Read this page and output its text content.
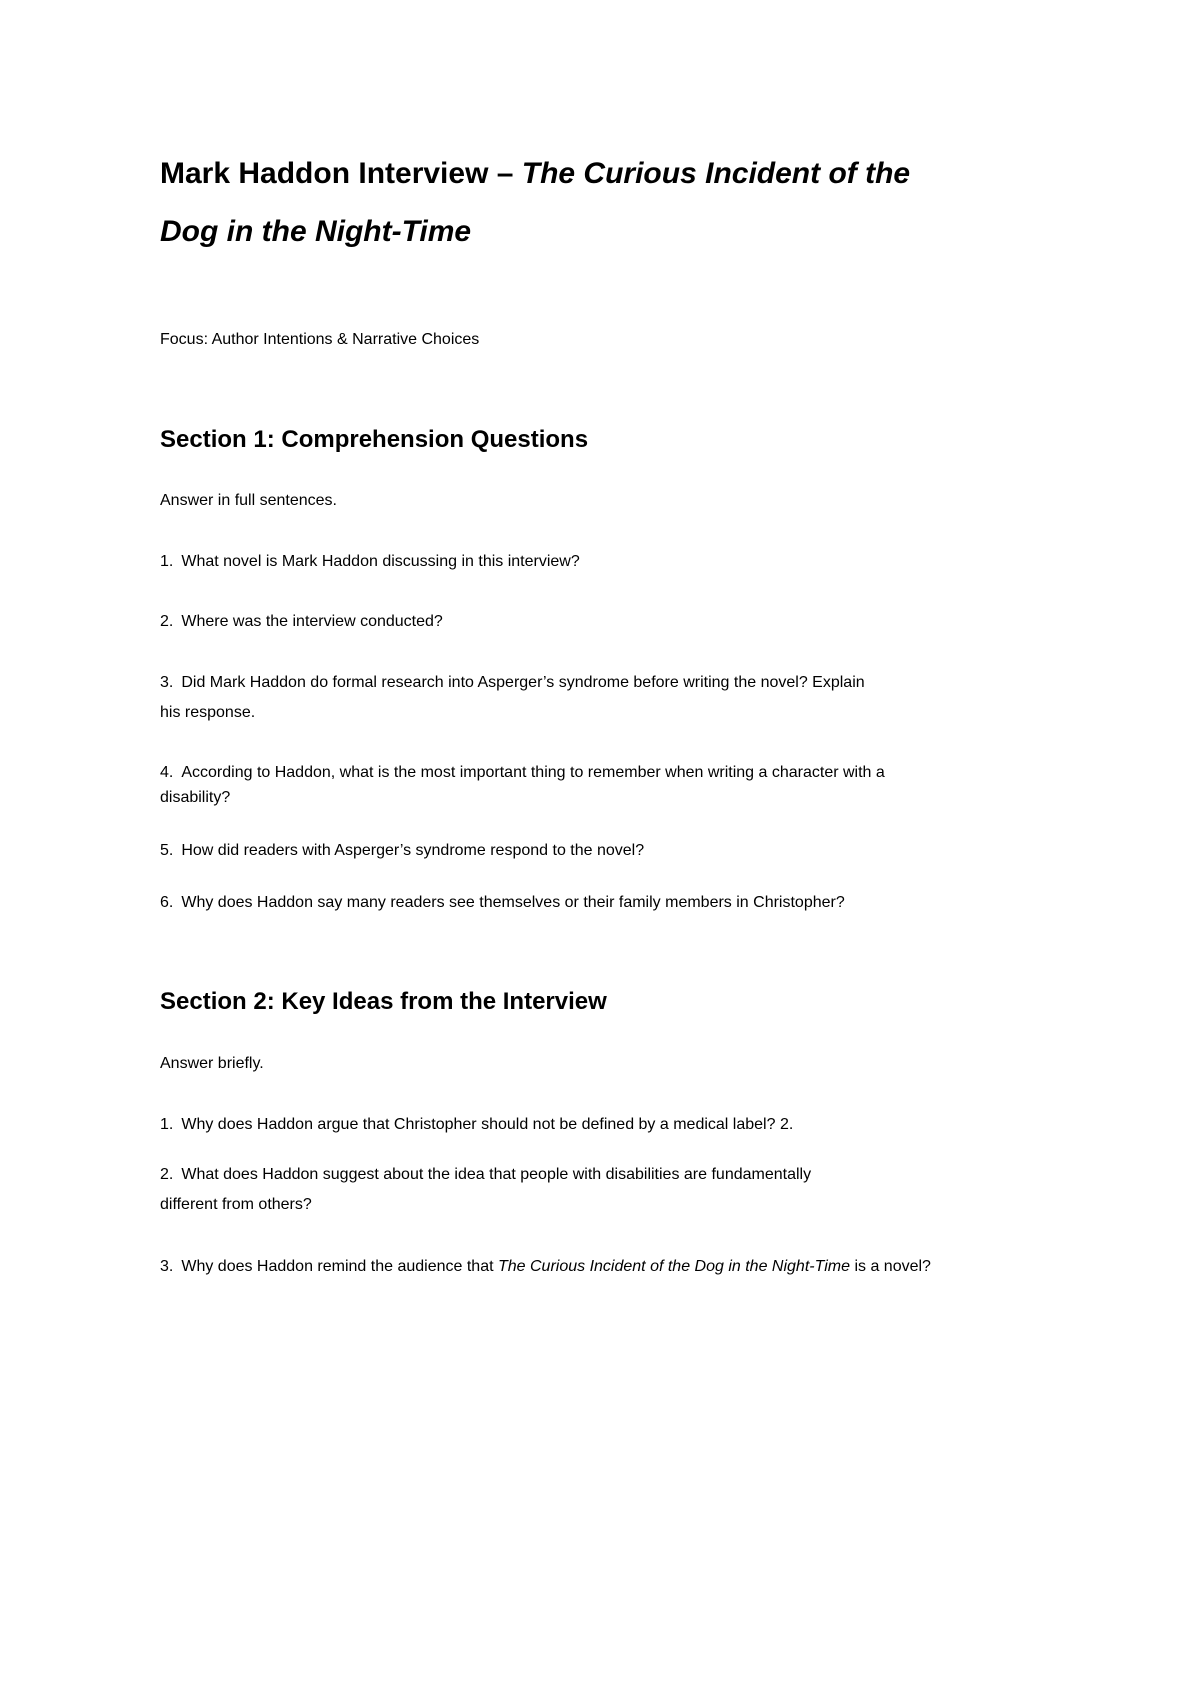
Mark Haddon Interview – The Curious Incident of the
Dog in the Night-Time
Focus: Author Intentions & Narrative Choices
Section 1: Comprehension Questions
Answer in full sentences.
1. What novel is Mark Haddon discussing in this interview?
2. Where was the interview conducted?
3. Did Mark Haddon do formal research into Asperger’s syndrome before writing the novel? Explain
his response.
4. According to Haddon, what is the most important thing to remember when writing a character with a
disability?
5. How did readers with Asperger’s syndrome respond to the novel?
6. Why does Haddon say many readers see themselves or their family members in Christopher?
Section 2: Key Ideas from the Interview
Answer briefly.
1. Why does Haddon argue that Christopher should not be defined by a medical label? 2.
2. What does Haddon suggest about the idea that people with disabilities are fundamentally
different from others?
3. Why does Haddon remind the audience that The Curious Incident of the Dog in the Night-Time is a novel?
